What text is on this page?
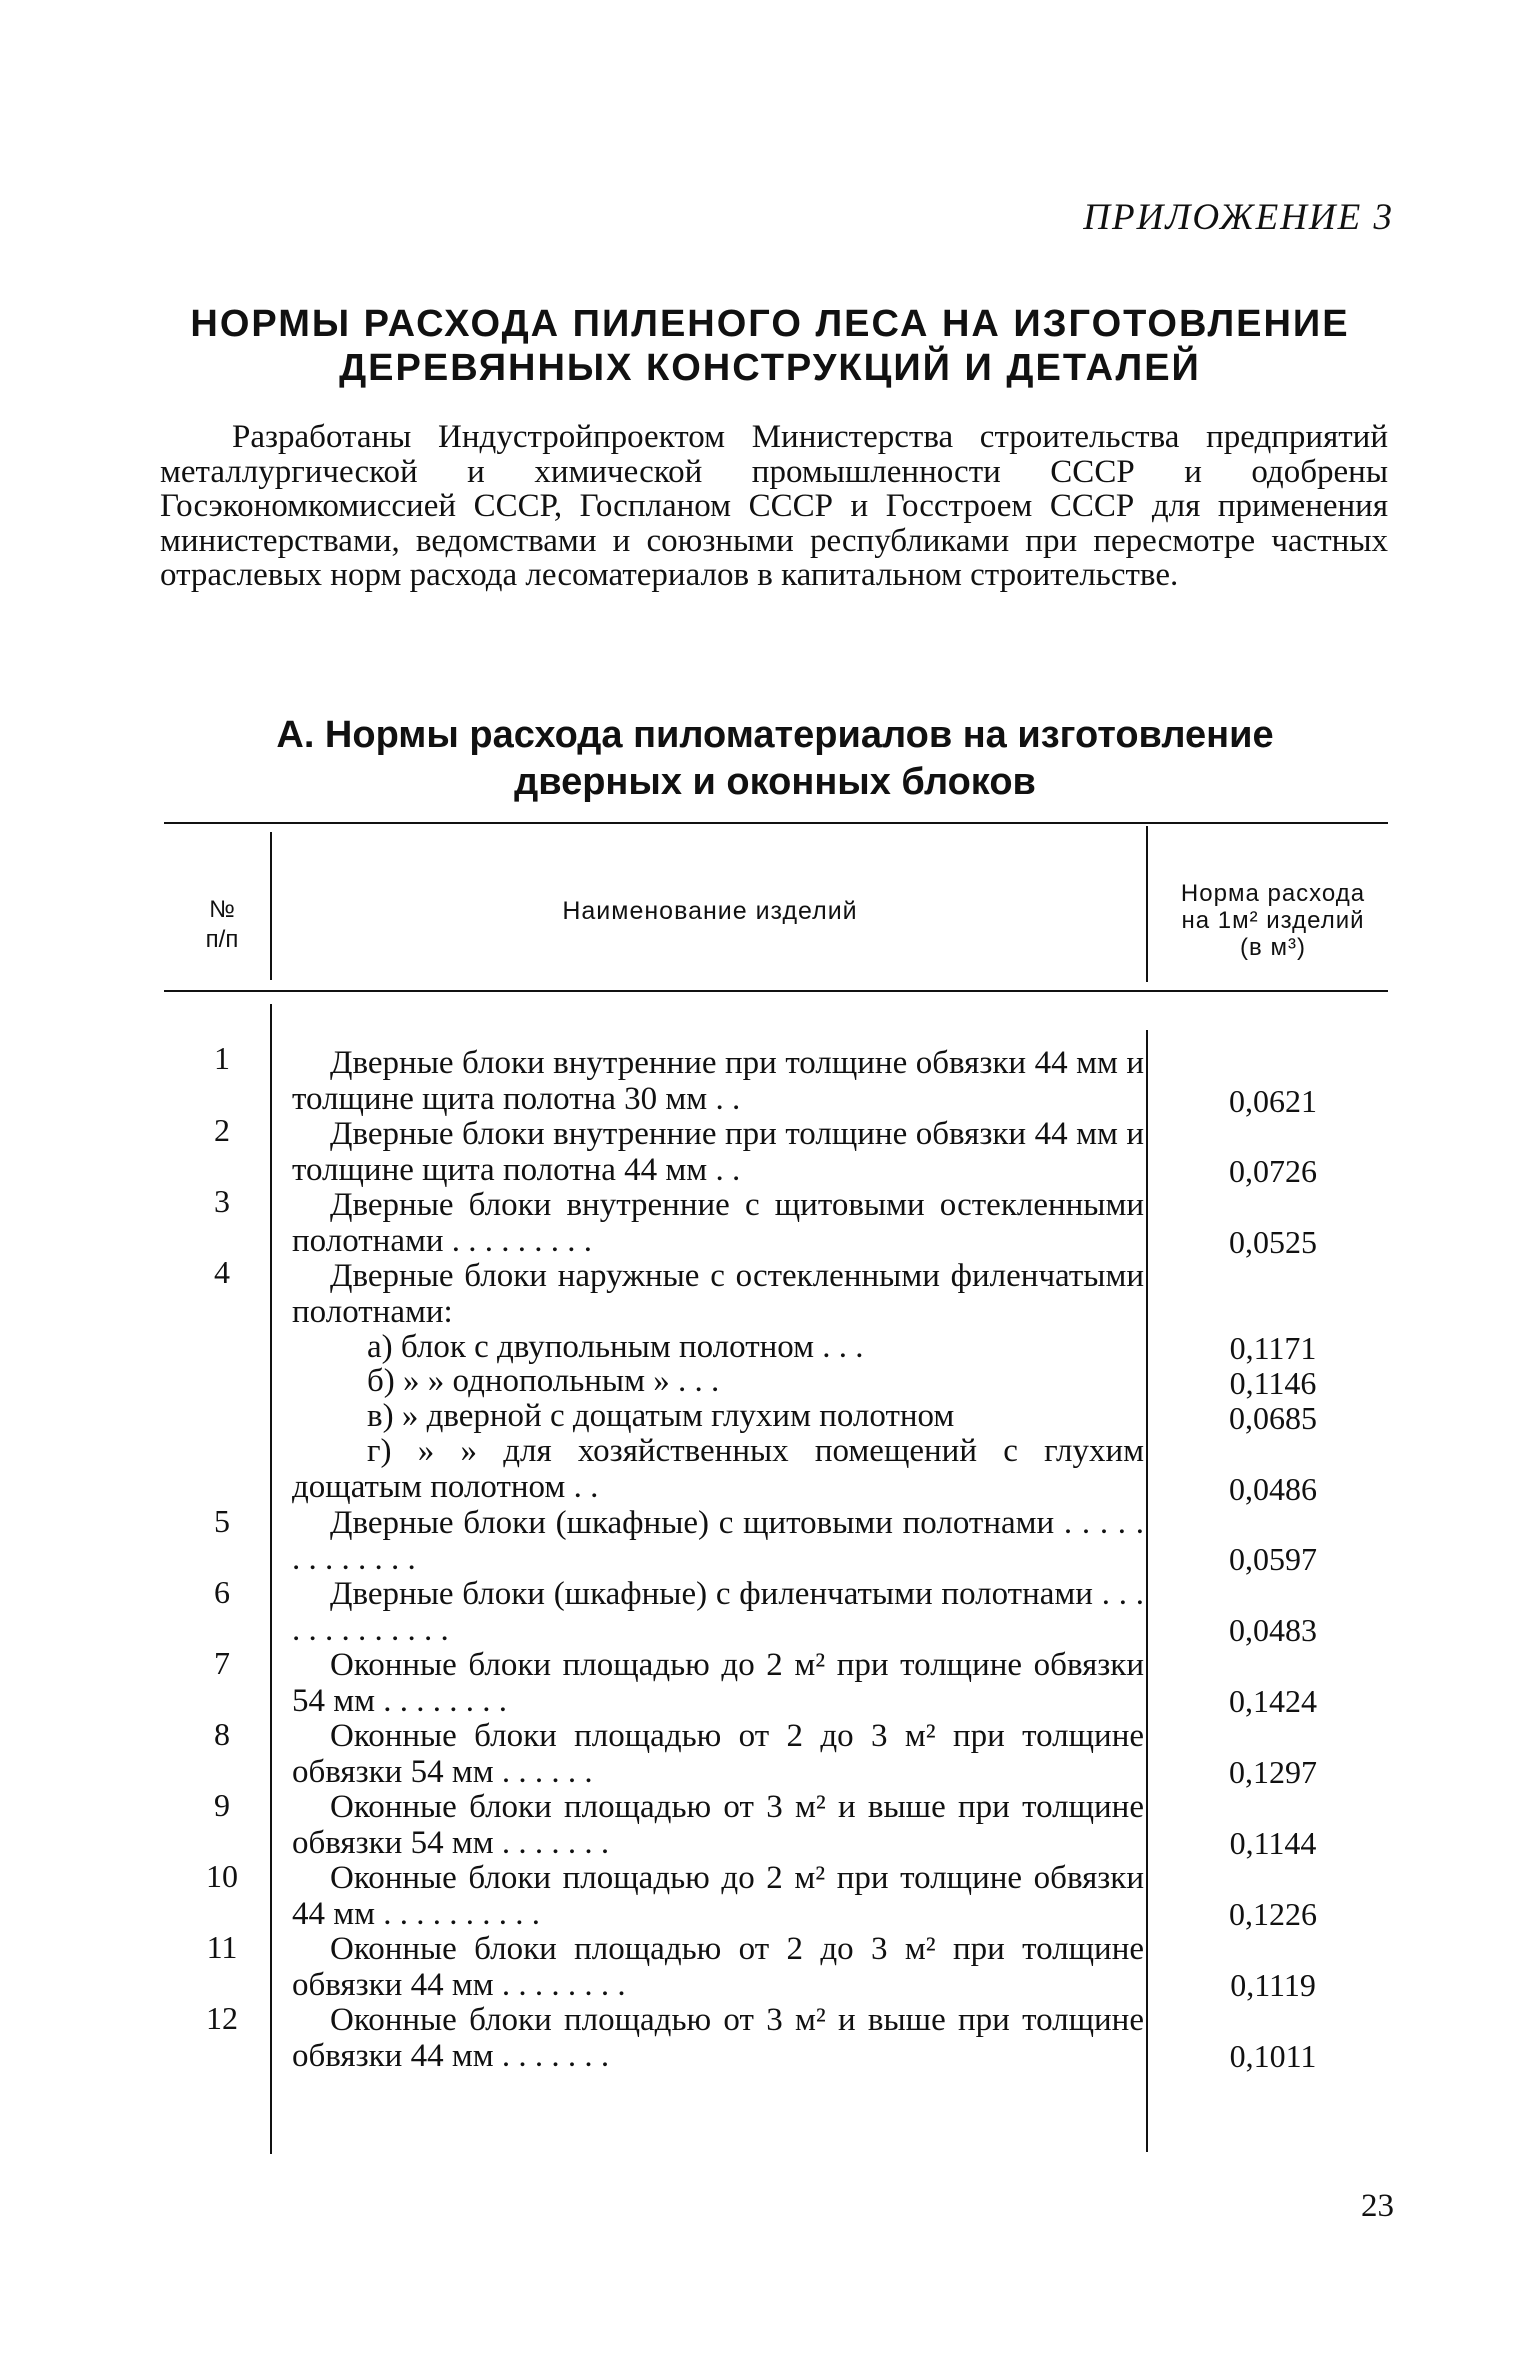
ПРИЛОЖЕНИЕ 3
НОРМЫ РАСХОДА ПИЛЕНОГО ЛЕСА НА ИЗГОТОВЛЕНИЕ
ДЕРЕВЯННЫХ КОНСТРУКЦИЙ И ДЕТАЛЕЙ

Разработаны Индустройпроектом Министерства строительства предприятий металлургической и химической промышленности СССР и одобрены Госэкономкомиссией СССР, Госпланом СССР и Госстроем СССР для применения министерствами, ведомствами и союзными республиками при пересмотре частных отраслевых норм расхода лесоматериалов в капитальном строительстве.

А. Нормы расхода пиломатериалов на изготовление
дверных и оконных блоков
№
п/п
Наименование изделий
Норма расхода
на 1м² изделий
(в м³)
1
2
3
4
5
6
7
8
9
10
11
12

Дверные блоки внутренние при толщине обвязки 44 мм и толщине щита полотна 30 мм . .

Дверные блоки внутренние при толщине обвязки 44 мм и толщине щита полотна 44 мм . .

Дверные блоки внутренние с щитовыми остекленными полотнами . . . . . . . . .

Дверные блоки наружные с остекленными филенчатыми полотнами:

а) блок с двупольным полотном . . .

б) » » однопольным » . . .

в) » дверной с дощатым глухим полотном

г) » » для хозяйственных помещений с глухим дощатым полотном . .

Дверные блоки (шкафные) с щитовыми полотнами . . . . . . . . . . . . .

Дверные блоки (шкафные) с филенчатыми полотнами . . . . . . . . . . . . .

Оконные блоки площадью до 2 м² при толщине обвязки 54 мм . . . . . . . .

Оконные блоки площадью от 2 до 3 м² при толщине обвязки 54 мм . . . . . .

Оконные блоки площадью от 3 м² и выше при толщине обвязки 54 мм . . . . . . .

Оконные блоки площадью до 2 м² при толщине обвязки 44 мм . . . . . . . . . .

Оконные блоки площадью от 2 до 3 м² при толщине обвязки 44 мм . . . . . . . .

Оконные блоки площадью от 3 м² и выше при толщине обвязки 44 мм . . . . . . .

0,0621
0,0726
0,0525
0,1171
0,1146
0,0685
0,0486
0,0597
0,0483
0,1424
0,1297
0,1144
0,1226
0,1119
0,1011
23
